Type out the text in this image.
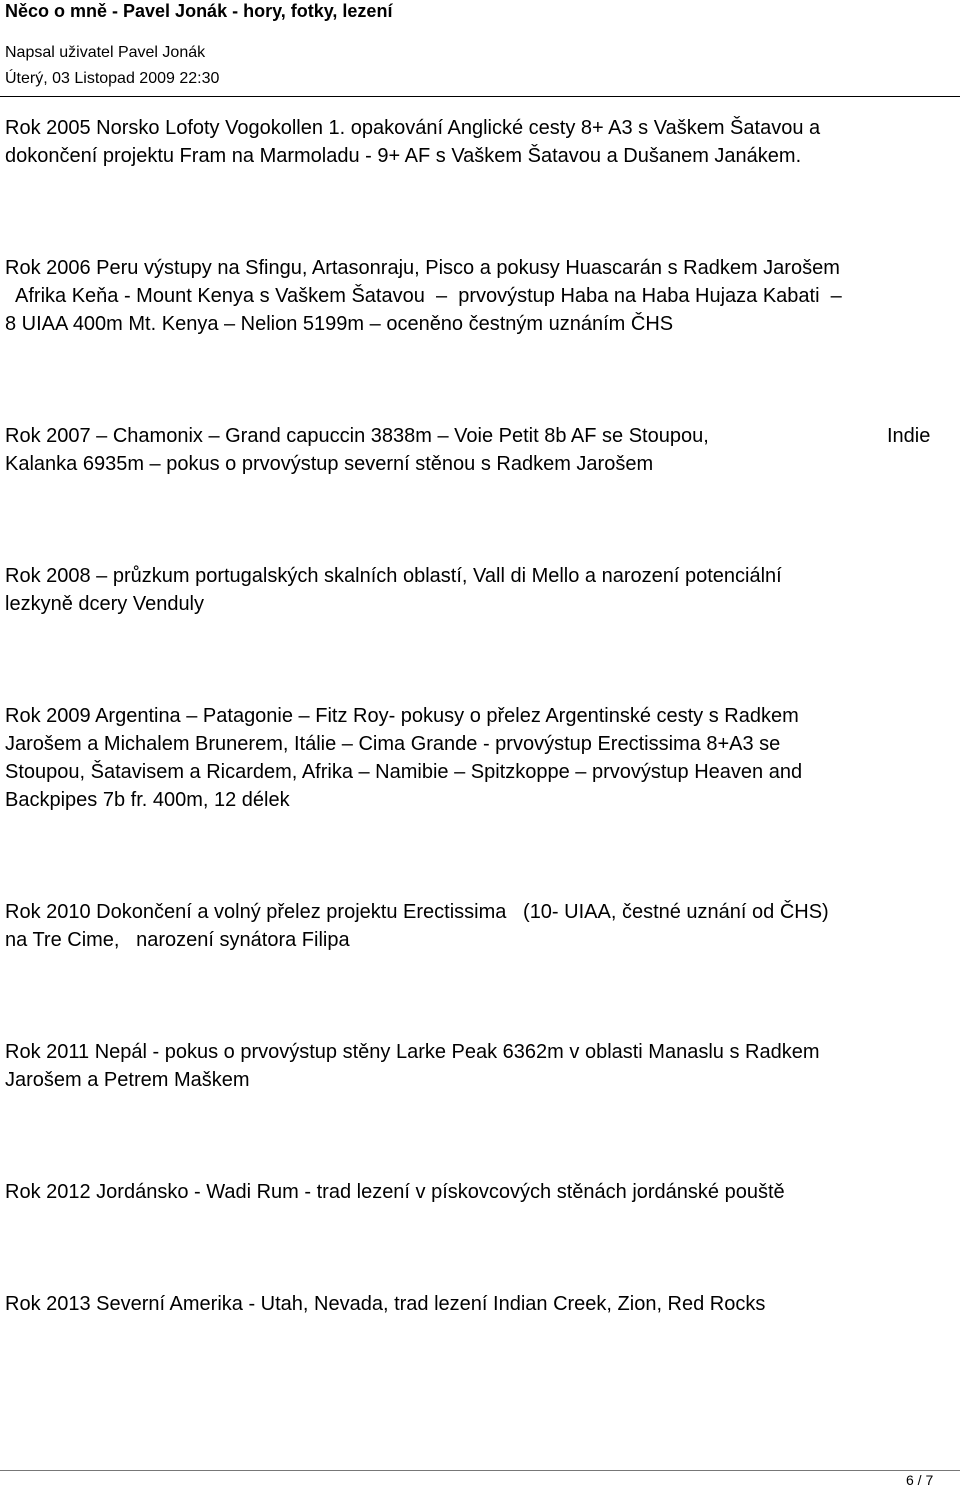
Něco o mně - Pavel Jonák - hory, fotky, lezení
Napsal uživatel Pavel Jonák
Úterý, 03 Listopad 2009 22:30
Rok 2005 Norsko Lofoty Vogokollen 1. opakování Anglické cesty 8+ A3 s Vaškem Šatavou a
dokončení projektu Fram na Marmoladu - 9+ AF s Vaškem Šatavou a Dušanem Janákem.
Rok 2006 Peru výstupy na Sfingu, Artasonraju, Pisco a pokusy Huascarán s Radkem Jarošem
Afrika Keňa - Mount Kenya s Vaškem Šatavou  –  prvovýstup Haba na Haba Hujaza Kabati  –
8 UIAA 400m Mt. Kenya – Nelion 5199m – oceněno čestným uznáním ČHS
Rok 2007 – Chamonix – Grand capuccin 3838m – Voie Petit 8b AF se Stoupou,	Indie
Kalanka 6935m – pokus o prvovýstup severní stěnou s Radkem Jarošem
Rok 2008 – průzkum portugalských skalních oblastí, Vall di Mello a narození potenciální
lezkyně dcery Venduly
Rok 2009 Argentina – Patagonie – Fitz Roy- pokusy o přelez Argentinské cesty s Radkem
Jarošem a Michalem Brunerem, Itálie – Cima Grande - prvovýstup Erectissima 8+A3 se
Stoupou, Šatavisem a Ricardem, Afrika – Namibie – Spitzkoppe – prvovýstup Heaven and
Backpipes 7b fr. 400m, 12 délek
Rok 2010 Dokončení a volný přelez projektu Erectissima   (10- UIAA, čestné uznání od ČHS)
na Tre Cime,   narození synátora Filipa
Rok 2011 Nepál - pokus o prvovýstup stěny Larke Peak 6362m v oblasti Manaslu s Radkem
Jarošem a Petrem Maškem
Rok 2012 Jordánsko - Wadi Rum - trad lezení v pískovcových stěnách jordánské pouště
Rok 2013 Severní Amerika - Utah, Nevada, trad lezení Indian Creek, Zion, Red Rocks
6 / 7
